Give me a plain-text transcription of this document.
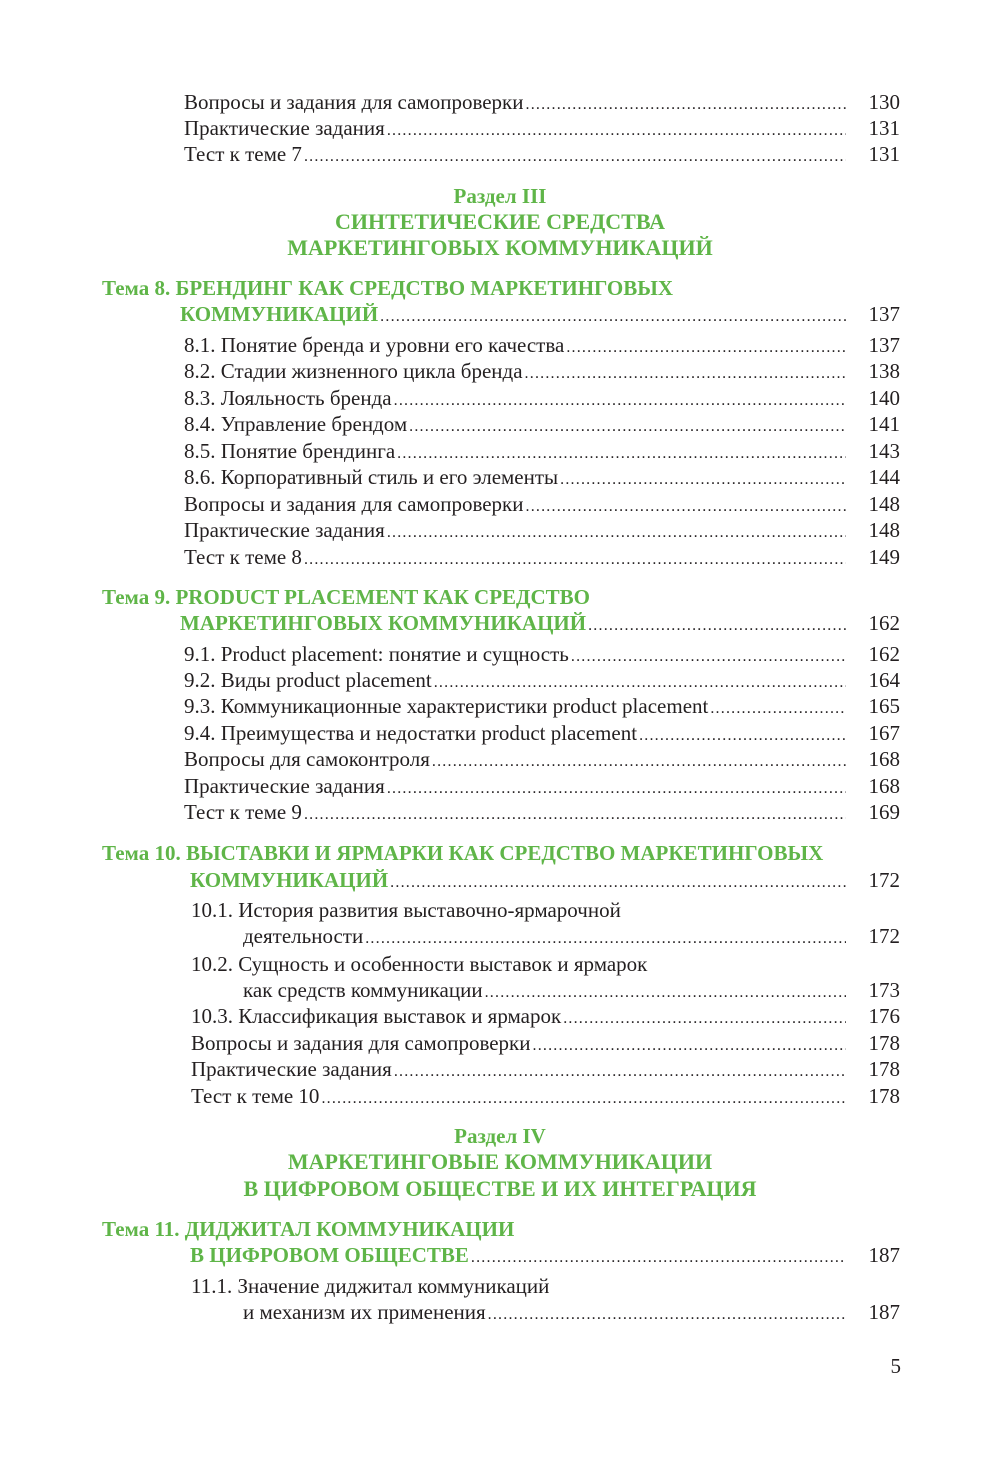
Вопросы и задания для самопроверки .....	130
Практические задания .....	131
Тест к теме 7 .....	131
Раздел III
СИНТЕТИЧЕСКИЕ СРЕДСТВА
МАРКЕТИНГОВЫХ КОММУНИКАЦИЙ
Тема 8. БРЕНДИНГ КАК СРЕДСТВО МАРКЕТИНГОВЫХ
КОММУНИКАЦИЙ .....	137
8.1. Понятие бренда и уровни его качества .....	137
8.2. Стадии жизненного цикла бренда .....	138
8.3. Лояльность бренда .....	140
8.4. Управление брендом .....	141
8.5. Понятие брендинга .....	143
8.6. Корпоративный стиль и его элементы .....	144
Вопросы и задания для самопроверки .....	148
Практические задания .....	148
Тест к теме 8 .....	149
Тема 9. PRODUCT PLACEMENT КАК СРЕДСТВО
МАРКЕТИНГОВЫХ КОММУНИКАЦИЙ .....	162
9.1. Product placement: понятие и сущность .....	162
9.2. Виды product placement .....	164
9.3. Коммуникационные характеристики product placement .....	165
9.4. Преимущества и недостатки product placement .....	167
Вопросы для самоконтроля .....	168
Практические задания .....	168
Тест к теме 9 .....	169
Тема 10. ВЫСТАВКИ И ЯРМАРКИ КАК СРЕДСТВО МАРКЕТИНГОВЫХ
КОММУНИКАЦИЙ .....	172
10.1. История развития выставочно-ярмарочной
деятельности .....	172
10.2. Сущность и особенности выставок и ярмарок
как средств коммуникации .....	173
10.3. Классификация выставок и ярмарок .....	176
Вопросы и задания для самопроверки .....	178
Практические задания .....	178
Тест к теме 10 .....	178
Раздел IV
МАРКЕТИНГОВЫЕ КОММУНИКАЦИИ
В ЦИФРОВОМ ОБЩЕСТВЕ И ИХ ИНТЕГРАЦИЯ
Тема 11. ДИДЖИТАЛ КОММУНИКАЦИИ
В ЦИФРОВОМ ОБЩЕСТВЕ .....	187
11.1. Значение диджитал коммуникаций
и механизм их применения .....	187
5
